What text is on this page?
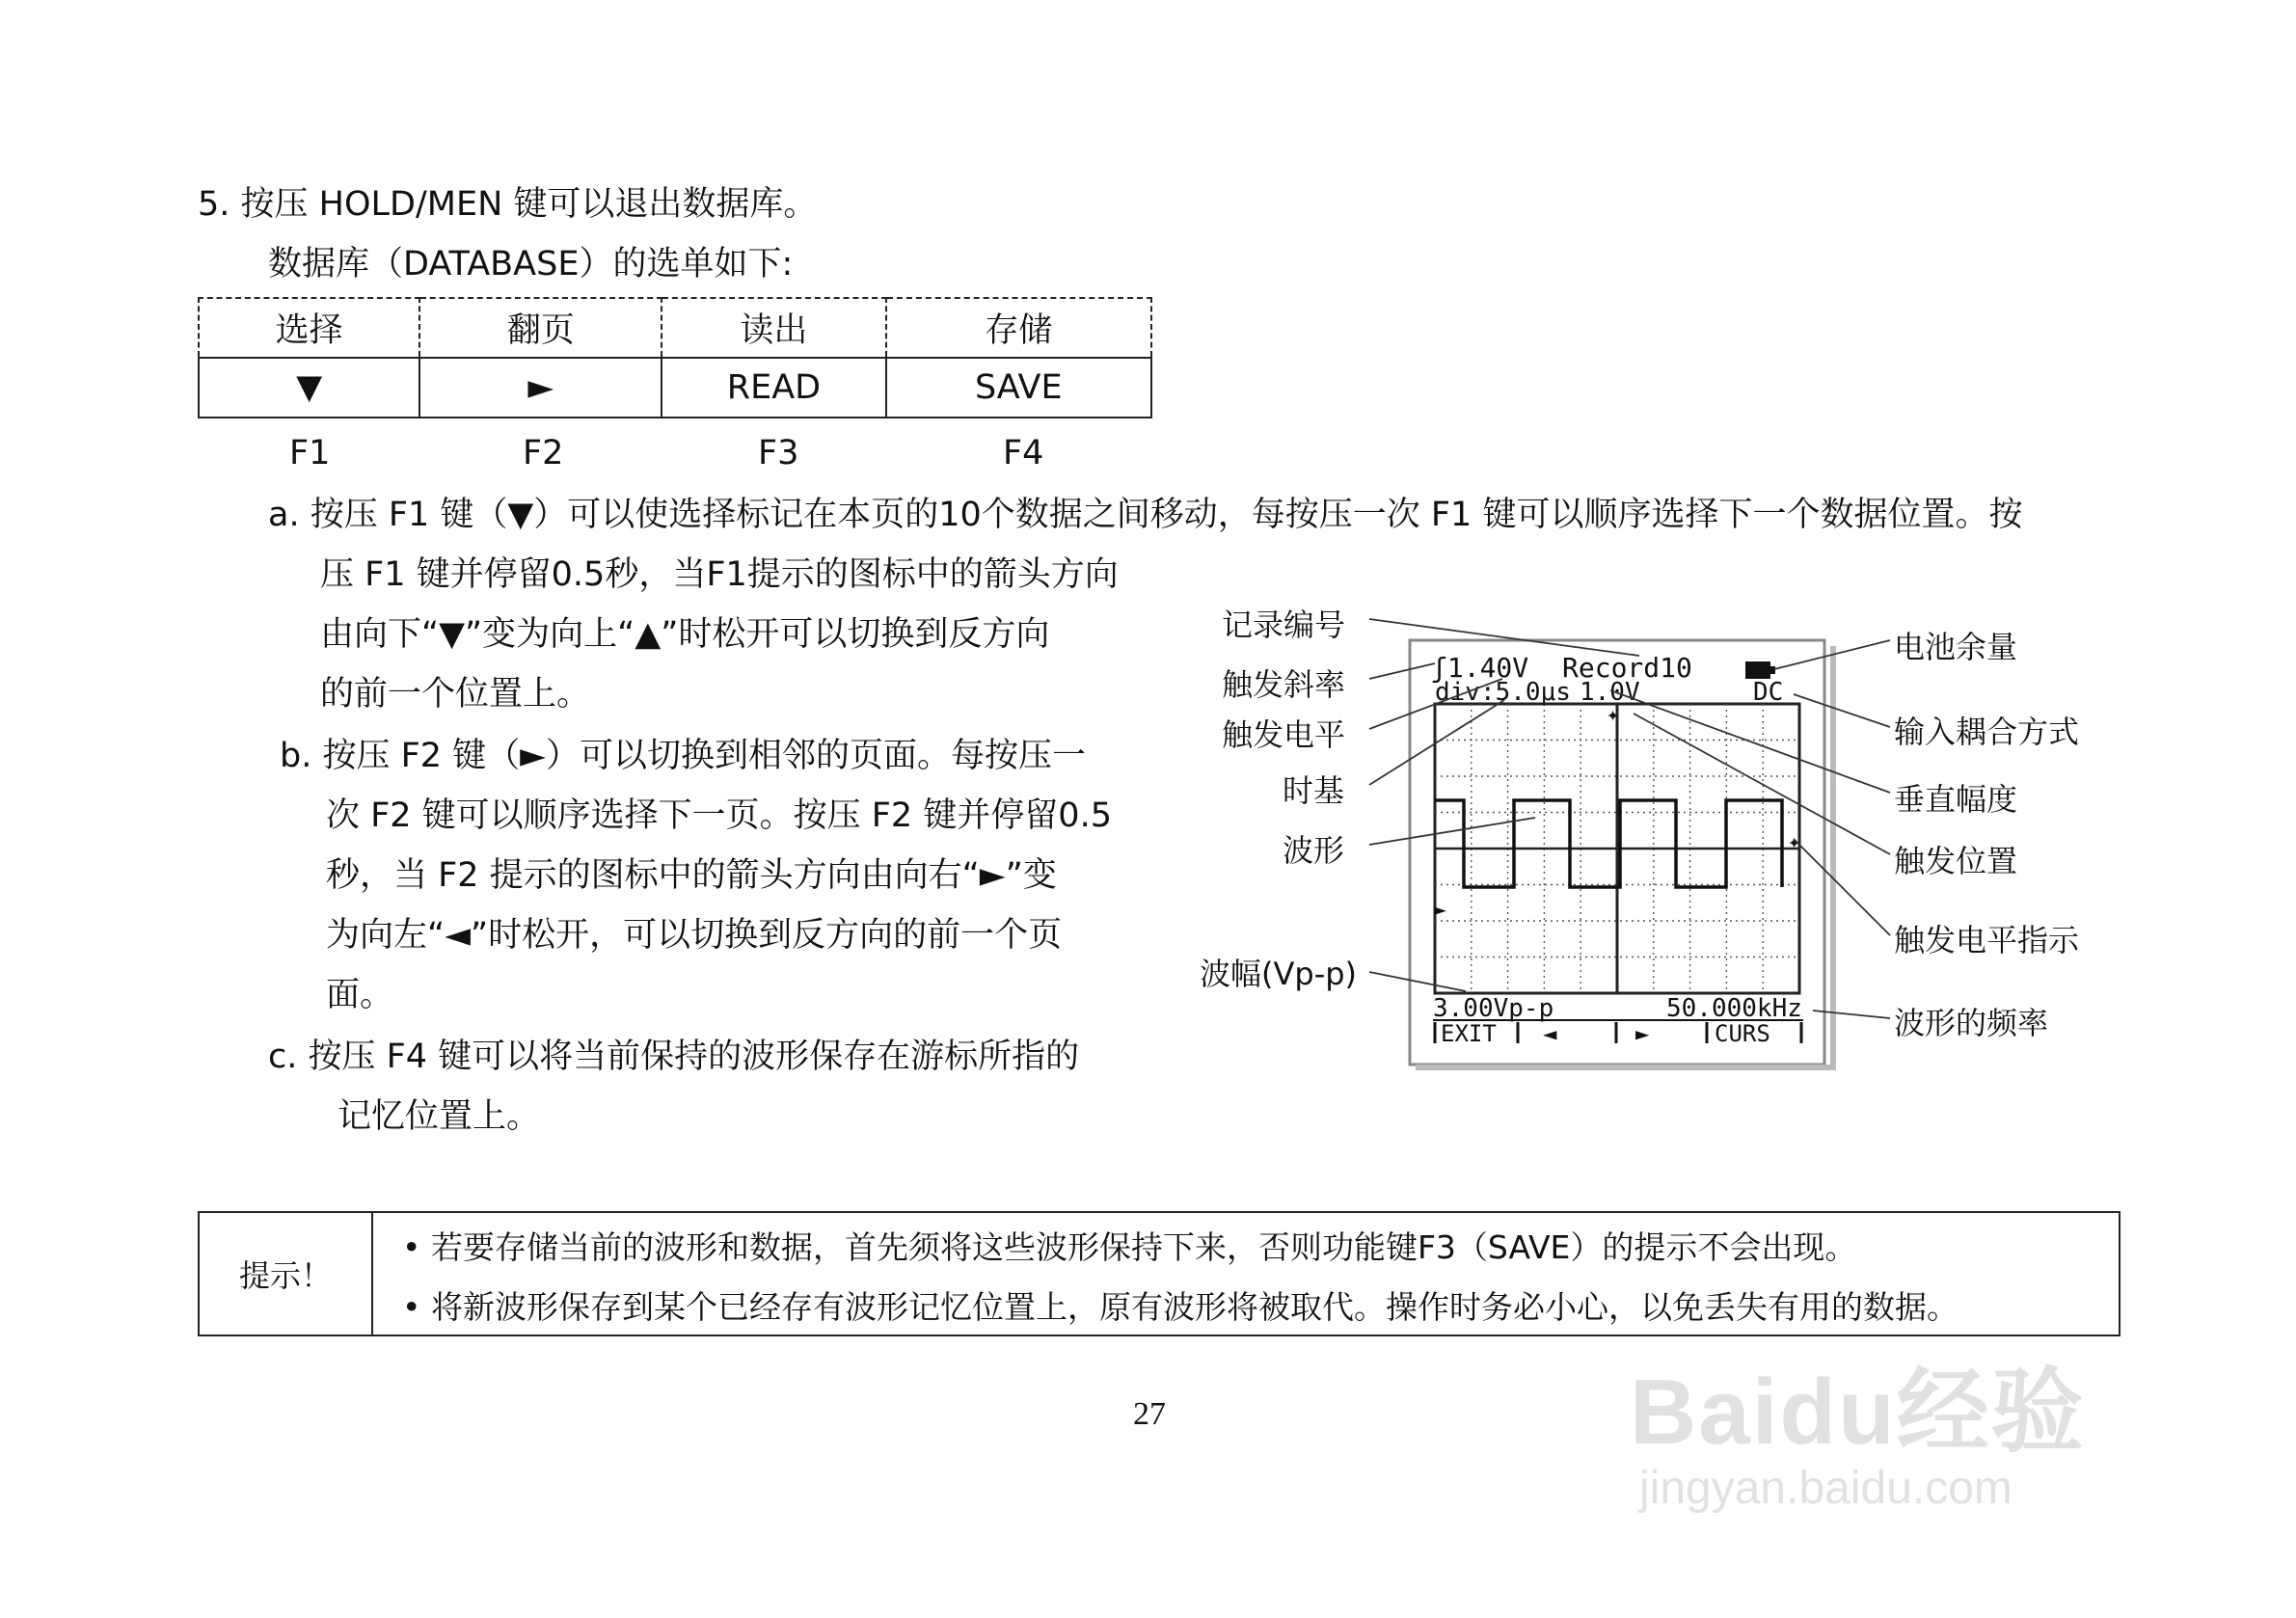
5. 按压 HOLD/MEN 键可以退出数据库。
数据库（DATABASE）的选单如下:
选择	翻页	读出	存储
▼	►	READ	SAVE
F1	F2	F3	F4
a. 按压 F1 键（▼）可以使选择标记在本页的10个数据之间移动，每按压一次 F1 键可以顺序选择下一个数据位置。按
压 F1 键并停留0.5秒，当F1提示的图标中的箭头方向
由向下“▼”变为向上“▲”时松开可以切换到反方向
的前一个位置上。
b. 按压 F2 键（►）可以切换到相邻的页面。每按压一
次 F2 键可以顺序选择下一页。按压 F2 键并停留0.5
秒，当 F2 提示的图标中的箭头方向由向右“►”变
为向左“◄”时松开，可以切换到反方向的前一个页
面。
c. 按压 F4 键可以将当前保持的波形保存在游标所指的
记忆位置上。
✦
✦
►
ʃ1.40V Record10
div:5.0μs 1.0V	DC
3.00Vp-p	50.000kHz
EXIT ◄	►	CURS
记录编号
触发斜率
触发电平
时基
波形
波幅(Vp-p)
电池余量
输入耦合方式
垂直幅度
触发位置
触发电平指示
波形的频率
提示！
• 若要存储当前的波形和数据，首先须将这些波形保持下来，否则功能键F3（SAVE）的提示不会出现。
• 将新波形保存到某个已经存有波形记忆位置上，原有波形将被取代。操作时务必小心，以免丢失有用的数据。
27	Baidu经验
jingyan.baidu.com
